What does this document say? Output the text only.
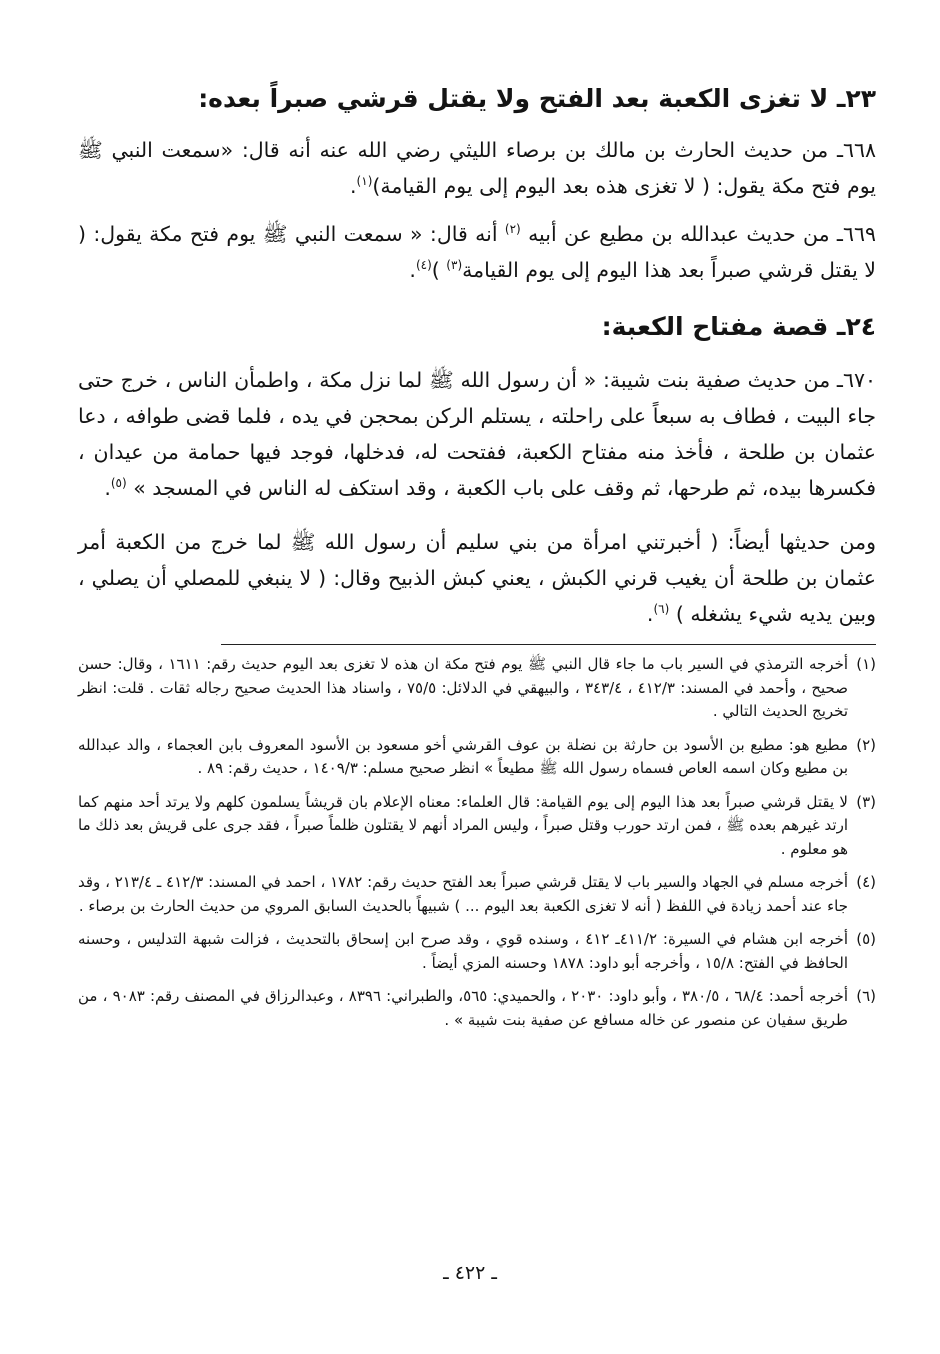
٢٣ـ لا تغزى الكعبة بعد الفتح ولا يقتل قرشي صبراً بعده:

٦٦٨ـ من حديث الحارث بن مالك بن برصاء الليثي رضي الله عنه أنه قال: «سمعت النبي ﷺ يوم فتح مكة يقول: ( لا تغزى هذه بعد اليوم إلى يوم القيامة)$^{(١)}$.

٦٦٩ـ من حديث عبدالله بن مطيع عن أبيه $^{(٢)}$ أنه قال: « سمعت النبي ﷺ يوم فتح مكة يقول: ( لا يقتل قرشي صبراً بعد هذا اليوم إلى يوم القيامة$^{(٣)}$ )$^{(٤)}$.

٢٤ـ قصة مفتاح الكعبة:

٦٧٠ـ من حديث صفية بنت شيبة: « أن رسول الله ﷺ لما نزل مكة ، واطمأن الناس ، خرج حتى جاء البيت ، فطاف به سبعاً على راحلته ، يستلم الركن بمحجن في يده ، فلما قضى طوافه ، دعا عثمان بن طلحة ، فأخذ منه مفتاح الكعبة، ففتحت له، فدخلها، فوجد فيها حمامة من عيدان ، فكسرها بيده، ثم طرحها، ثم وقف على باب الكعبة ، وقد استكف له الناس في المسجد » $^{(٥)}$.

ومن حديثها أيضاً: ( أخبرتني امرأة من بني سليم أن رسول الله ﷺ لما خرج من الكعبة أمر عثمان بن طلحة أن يغيب قرني الكبش ، يعني كبش الذبيح وقال: ( لا ينبغي للمصلي أن يصلي ، وبين يديه شيء يشغله ) $^{(٦)}$.

(١)
أخرجه الترمذي في السير باب ما جاء قال النبي ﷺ يوم فتح مكة ان هذه لا تغزى بعد اليوم حديث رقم: ١٦١١ ، وقال: حسن صحيح ، وأحمد في المسند: ٤١٢/٣ ، ٣٤٣/٤ ، والبيهقي في الدلائل: ٧٥/٥ ، واسناد هذا الحديث صحيح رجاله ثقات . قلت: انظر تخريج الحديث التالي .
(٢)
مطيع هو: مطيع بن الأسود بن حارثة بن نضلة بن عوف القرشي أخو مسعود بن الأسود المعروف بابن العجماء ، والد عبدالله بن مطيع وكان اسمه العاص فسماه رسول الله ﷺ مطيعاً » انظر صحيح مسلم: ١٤٠٩/٣ ، حديث رقم: ٨٩ .
(٣)
لا يقتل قرشي صبراً بعد هذا اليوم إلى يوم القيامة: قال العلماء: معناه الإعلام بان قريشاً يسلمون كلهم ولا يرتد أحد منهم كما ارتد غيرهم بعده ﷺ ، فمن ارتد حورب وقتل صبراً ، وليس المراد أنهم لا يقتلون ظلماً صبراً ، فقد جرى على قريش بعد ذلك ما هو معلوم .
(٤)
أخرجه مسلم في الجهاد والسير باب لا يقتل قرشي صبراً بعد الفتح حديث رقم: ١٧٨٢ ، احمد في المسند: ٤١٢/٣ ـ ٢١٣/٤ ، وقد جاء عند أحمد زيادة في اللفظ ( أنه لا تغزى الكعبة بعد اليوم ... ) شبيهاً بالحديث السابق المروي من حديث الحارث بن برصاء .
(٥)
أخرجه ابن هشام في السيرة: ٤١١/٢ـ ٤١٢ ، وسنده قوي ، وقد صرح ابن إسحاق بالتحديث ، فزالت شبهة التدليس ، وحسنه الحافظ في الفتح: ١٥/٨ ، وأخرجه أبو داود: ١٨٧٨ وحسنه المزي أيضاً .
(٦)
أخرجه أحمد: ٦٨/٤ ، ٣٨٠/٥ ، وأبو داود: ٢٠٣٠ ، والحميدي: ٥٦٥، والطبراني: ٨٣٩٦ ، وعبدالرزاق في المصنف رقم: ٩٠٨٣ ، من طريق سفيان عن منصور عن خاله مسافع عن صفية بنت شيبة » .
ـ ٤٢٢ ـ
